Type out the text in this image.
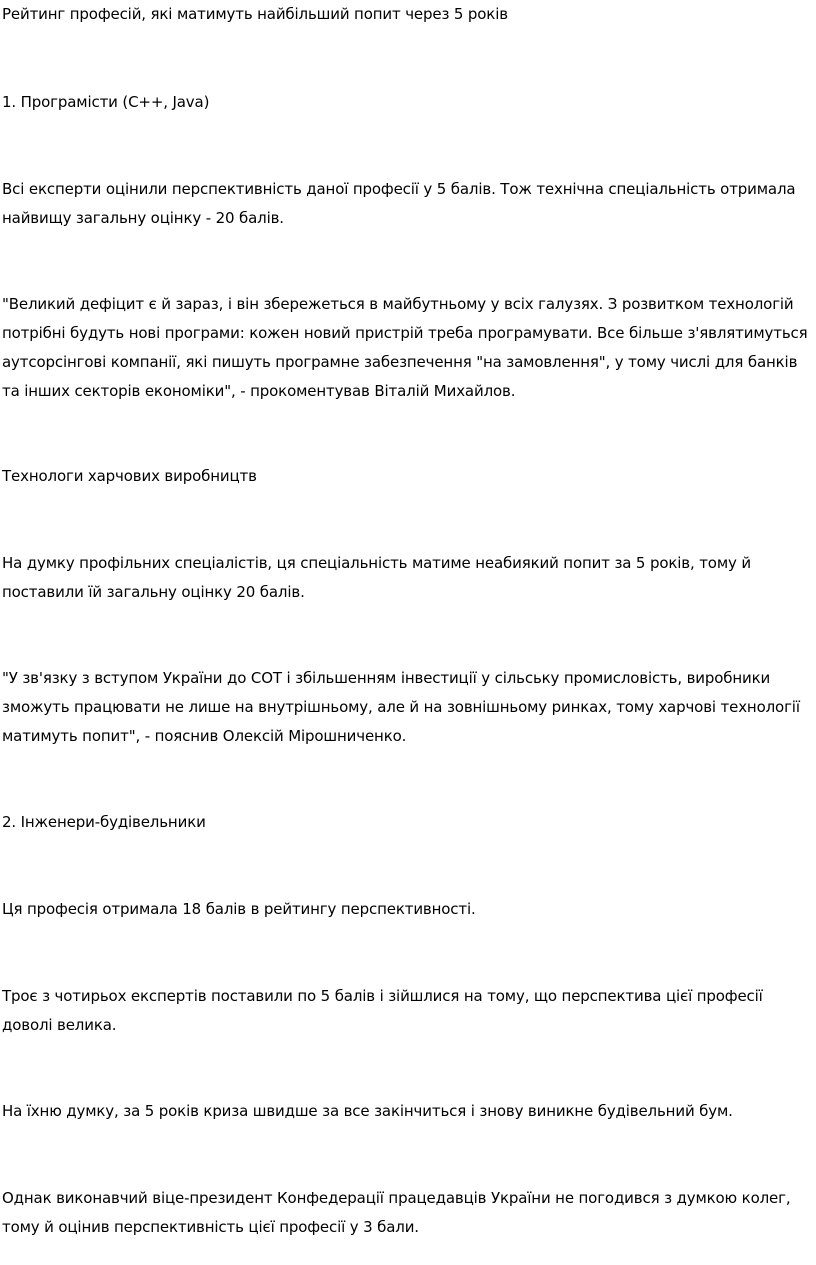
Рейтинг професій, які матимуть найбільший попит через 5 років

1. Програмісти (С++, Java)

Всі експерти оцінили перспективність даної професії у 5 балів. Тож технічна спеціальність отримала найвищу загальну оцінку - 20 балів.

"Великий дефіцит є й зараз, і він збережеться в майбутньому у всіх галузях. З розвитком технологій потрібні будуть нові програми: кожен новий пристрій треба програмувати. Все більше з'являтимуться аутсорсінгові компанії, які пишуть програмне забезпечення "на замовлення", у тому числі для банків та інших секторів економіки", - прокоментував Віталій Михайлов.

Технологи харчових виробництв

На думку профільних спеціалістів, ця спеціальність матиме неабиякий попит за 5 років, тому й поставили їй загальну оцінку 20 балів.

"У зв'язку з вступом України до СОТ і збільшенням інвестиції у сільську промисловість, виробники зможуть працювати не лише на внутрішньому, але й на зовнішньому ринках, тому харчові технології матимуть попит", - пояснив Олексій Мірошниченко.

2. Інженери-будівельники

Ця професія отримала 18 балів в рейтингу перспективності.

Троє з чотирьох експертів поставили по 5 балів і зійшлися на тому, що перспектива цієї професії доволі велика.

На їхню думку, за 5 років криза швидше за все закінчиться і знову виникне будівельний бум.

Однак виконавчий віце-президент Конфедерації працедавців України не погодився з думкою колег, тому й оцінив перспективність цієї професії у 3 бали.
